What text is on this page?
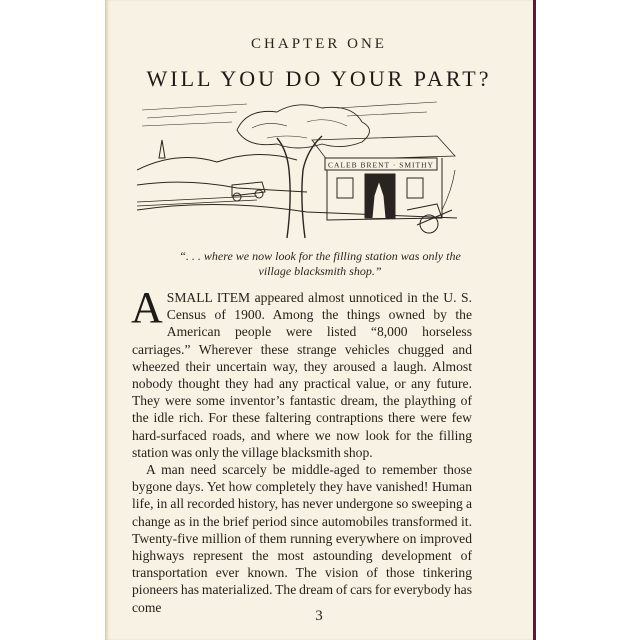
CHAPTER ONE
WILL YOU DO YOUR PART?
CALEB BRENT · SMITHY
“. . . where we now look for the filling station was only the village blacksmith shop.”

ASMALL ITEM appeared almost unnoticed in the U. S. Census of 1900. Among the things owned by the American people were listed “8,000 horseless carriages.” Wherever these strange vehicles chugged and wheezed their uncertain way, they aroused a laugh. Almost nobody thought they had any practical value, or any future. They were some inventor’s fantastic dream, the plaything of the idle rich. For these faltering contraptions there were few hard-surfaced roads, and where we now look for the filling station was only the village blacksmith shop.

A man need scarcely be middle-aged to remember those bygone days. Yet how completely they have vanished! Human life, in all recorded history, has never undergone so sweeping a change as in the brief period since automobiles transformed it. Twenty-five million of them running everywhere on improved highways represent the most astounding development of transportation ever known. The vision of those tinkering pioneers has materialized. The dream of cars for everybody has come

3
